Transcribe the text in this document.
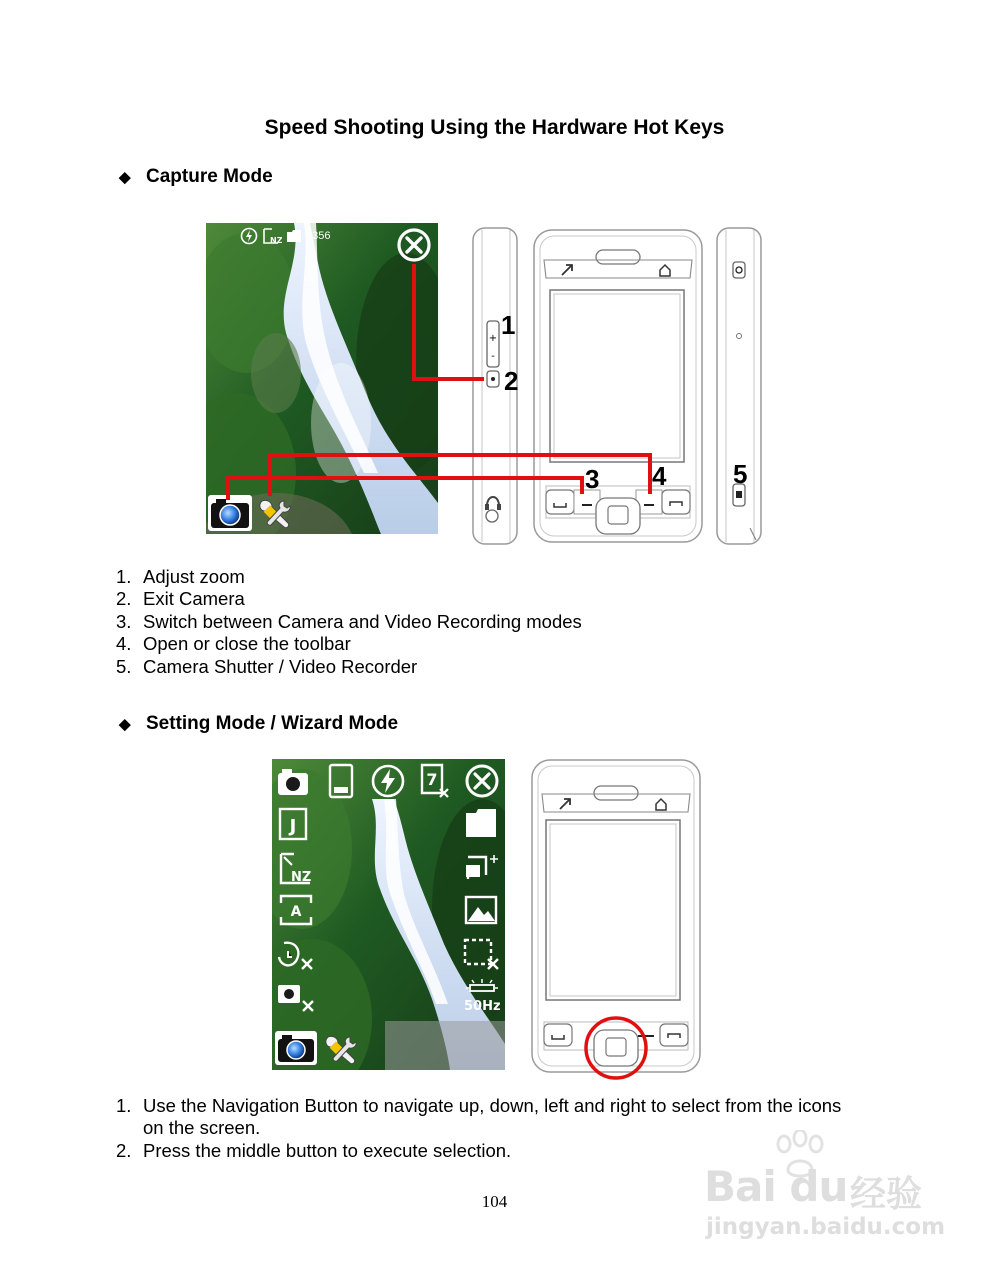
Speed Shooting Using the Hardware Hot Keys
◆ Capture Mode
NZ 3356
+
-
1
2
3 4	5
1. Adjust zoom
2. Exit Camera
3. Switch between Camera and Video Recording modes
4. Open or close the toolbar
5. Camera Shutter / Video Recorder
◆ Setting Mode / Wizard Mode
7
J
NZ
A
50Hz
1. Use the Navigation Button to navigate up, down, left and right to select from the icons on the screen.
2. Press the middle button to execute selection.
104	Bai du 经验
jingyan.baidu.com
